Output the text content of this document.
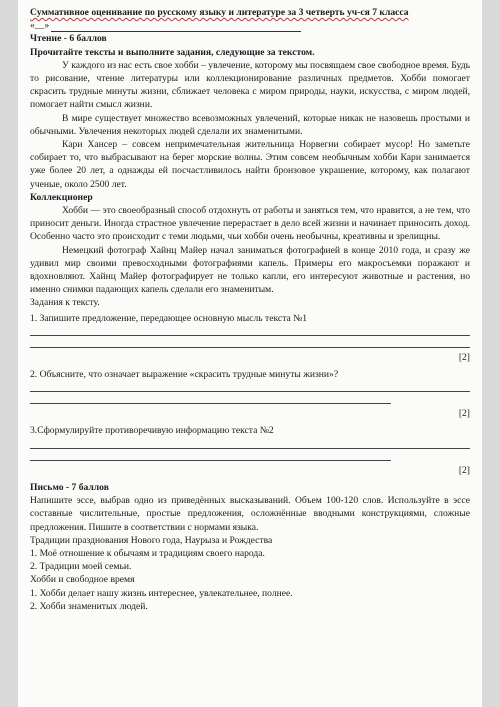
Суммативное оценивание по русскому языку и литературе за 3 четверть уч-ся 7 класса
«__»
Чтение - 6 баллов
Прочитайте тексты и выполните задания, следующие за текстом.

У каждого из нас есть свое хобби – увлечение, которому мы посвящаем свое свободное время. Будь то рисование, чтение литературы или коллекционирование различных предметов. Хобби помогает скрасить трудные минуты жизни, сближает человека с миром природы, науки, искусства, с миром людей, помогает найти смысл жизни.

В мире существует множество всевозможных увлечений, которые никак не назовешь простыми и обычными. Увлечения некоторых людей сделали их знаменитыми.

Кари Хансер – совсем непримечательная жительница Норвегии собирает мусор! Но заметьте собирает то, что выбрасывают на берег морские волны. Этим совсем необычным хобби Кари занимается уже более 20 лет, а однажды ей посчастливилось найти бронзовое украшение, которому, как полагают ученые, около 2500 лет.

Коллекционер

Хобби — это своеобразный способ отдохнуть от работы и заняться тем, что нравится, а не тем, что приносит деньги. Иногда страстное увлечение перерастает в дело всей жизни и начинает приносить доход. Особенно часто это происходит с теми людьми, чьи хобби очень необычны, креативны и зрелищны.

Немецкий фотограф Хайнц Майер начал заниматься фотографией в конце 2010 года, и сразу же удивил мир своими превосходными фотографиями капель. Примеры его макросъемки поражают и вдохновляют. Хайнц Майер фотографирует не только капли, его интересуют животные и растения, но именно снимки падающих капель сделали его знаменитым.

Задания к тексту.
1. Запишите предложение, передающее основную мысль текста №1
[2]
2. Объясните, что означает выражение «скрасить трудные минуты жизни»?
[2]
3.Сформулируйте противоречивую информацию текста №2
[2]
Письмо - 7 баллов

Напишите эссе, выбрав одно из приведённых высказываний. Объем 100-120 слов. Используйте в эссе составные числительные, простые предложения, осложнённые вводными конструкциями, сложные предложения. Пишите в соответствии с нормами языка.

Традиции празднования Нового года, Наурыза и Рождества
1. Моё отношение к обычаям и традициям своего народа.
2. Традиции моей семьи.
Хобби и свободное время
1. Хобби делает нашу жизнь интереснее, увлекательнее, полнее.
2. Хобби знаменитых людей.
